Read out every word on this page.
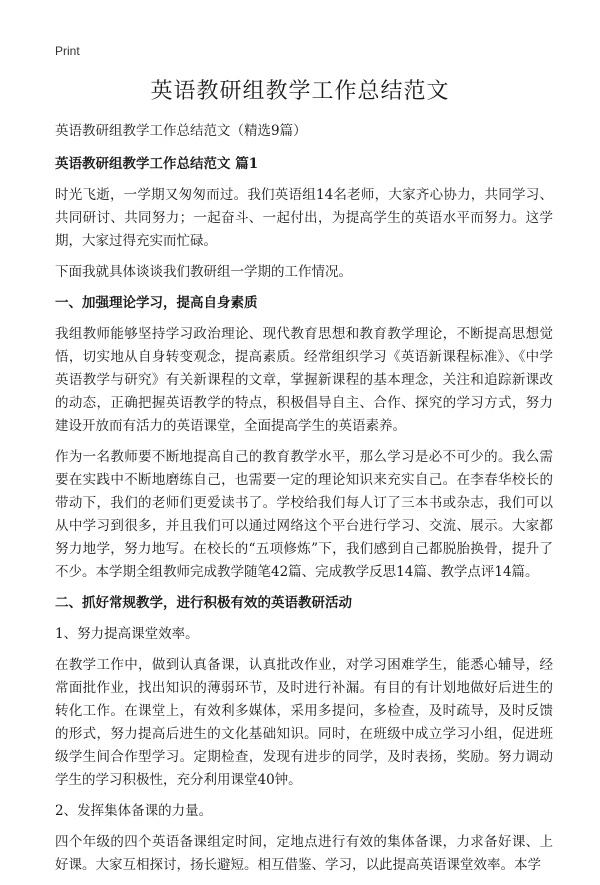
Print
英语教研组教学工作总结范文

英语教研组教学工作总结范文（精选9篇）

英语教研组教学工作总结范文 篇1

时光飞逝，一学期又匆匆而过。我们英语组14名老师，大家齐心协力，共同学习、共同研讨、共同努力；一起奋斗、一起付出，为提高学生的英语水平而努力。这学期，大家过得充实而忙碌。

下面我就具体谈谈我们教研组一学期的工作情况。

一、加强理论学习，提高自身素质

我组教师能够坚持学习政治理论、现代教育思想和教育教学理论，不断提高思想觉悟，切实地从自身转变观念，提高素质。经常组织学习《英语新课程标准》、《中学英语教学与研究》有关新课程的文章，掌握新课程的基本理念，关注和追踪新课改的动态，正确把握英语教学的特点，积极倡导自主、合作、探究的学习方式，努力建设开放而有活力的英语课堂，全面提高学生的英语素养。

作为一名教师要不断地提高自己的教育教学水平，那么学习是必不可少的。我么需要在实践中不断地磨练自己，也需要一定的理论知识来充实自己。在李春华校长的带动下，我们的老师们更爱读书了。学校给我们每人订了三本书或杂志，我们可以从中学习到很多，并且我们可以通过网络这个平台进行学习、交流、展示。大家都努力地学，努力地写。在校长的“五项修炼”下，我们感到自己都脱胎换骨，提升了不少。本学期全组教师完成教学随笔42篇、完成教学反思14篇、教学点评14篇。

二、抓好常规教学，进行积极有效的英语教研活动

1、努力提高课堂效率。

在教学工作中，做到认真备课，认真批改作业，对学习困难学生，能悉心辅导，经常面批作业，找出知识的薄弱环节，及时进行补漏。有目的有计划地做好后进生的转化工作。在课堂上，有效利多媒体，采用多提问，多检查，及时疏导，及时反馈的形式，努力提高后进生的文化基础知识。同时，在班级中成立学习小组，促进班级学生间合作型学习。定期检查，发现有进步的同学，及时表扬，奖励。努力调动学生的学习积极性，充分利用课堂40钟。

2、发挥集体备课的力量。

四个年级的四个英语备课组定时间，定地点进行有效的集体备课，力求备好课、上好课。大家互相探讨，扬长避短。相互借鉴、学习，以此提高英语课堂效率。本学
